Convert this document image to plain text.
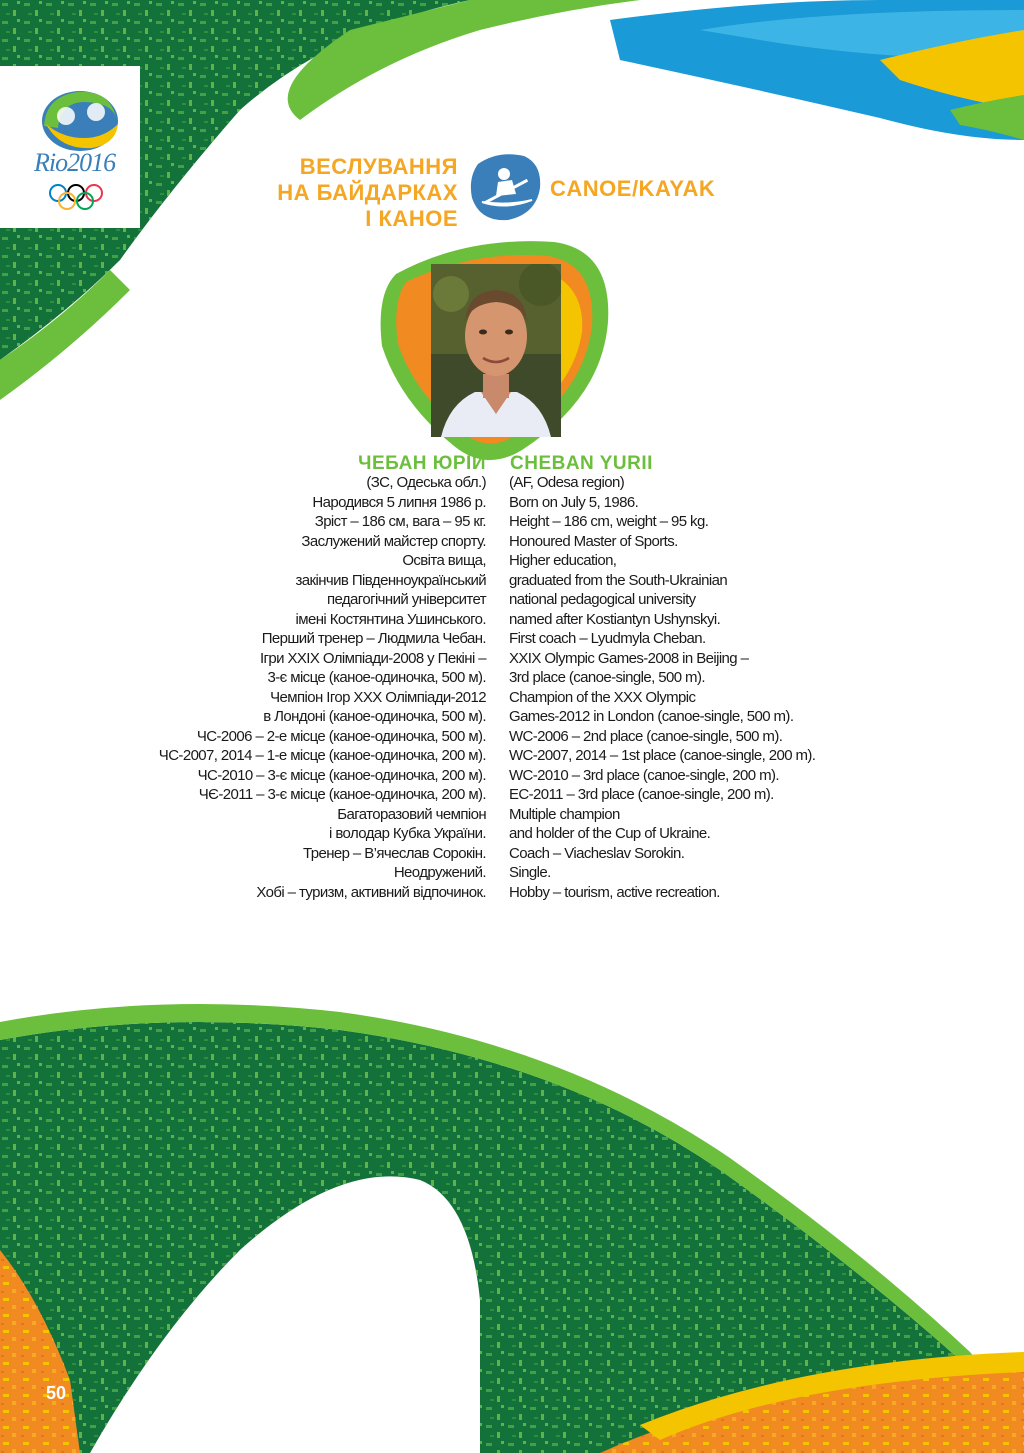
Rio2016	ВЕСЛУВАННЯ
НА БАЙДАРКАХ
І КАНОЕ
CANOE/KAYAK
ЧЕБАН ЮРІЙ CHEBAN YURII
(ЗС, Одеська обл.)
Народився 5 липня 1986 р.
Зріст – 186 см, вага – 95 кг.
Заслужений майстер спорту.
Освіта вища,
закінчив Південноукраїнський
педагогічний університет
імені Костянтина Ушинського.
Перший тренер – Людмила Чебан.
Ігри XXIX Олімпіади-2008 у Пекіні –
3-є місце (каное-одиночка, 500 м).
Чемпіон Ігор XXX Олімпіади-2012
в Лондоні (каное-одиночка, 500 м).
ЧС-2006 – 2-е місце (каное-одиночка, 500 м).
ЧС-2007, 2014 – 1-е місце (каное-одиночка, 200 м).
ЧС-2010 – 3-є місце (каное-одиночка, 200 м).
ЧЄ-2011 – 3-є місце (каное-одиночка, 200 м).
Багаторазовий чемпіон
і володар Кубка України.
Тренер – В’ячеслав Сорокін.
Неодружений.
Хобі – туризм, активний відпочинок.
(AF, Odesa region)
Born on July 5, 1986.
Height – 186 cm, weight – 95 kg.
Honoured Master of Sports.
Higher education,
graduated from the South-Ukrainian
national pedagogical university
named after Kostiantyn Ushynskyi.
First coach – Lyudmyla Cheban.
XXIX Olympic Games-2008 in Beijing –
3rd place (canoe-single, 500 m).
Champion of the XXX Olympic
Games-2012 in London (canoe-single, 500 m).
WC-2006 – 2nd place (canoe-single, 500 m).
WC-2007, 2014 – 1st place (canoe-single, 200 m).
WC-2010 – 3rd place (canoe-single, 200 m).
EC-2011 – 3rd place (canoe-single, 200 m).
Multiple champion
and holder of the Cup of Ukraine.
Coach – Viacheslav Sorokin.
Single.
Hobby – tourism, active recreation.
50
